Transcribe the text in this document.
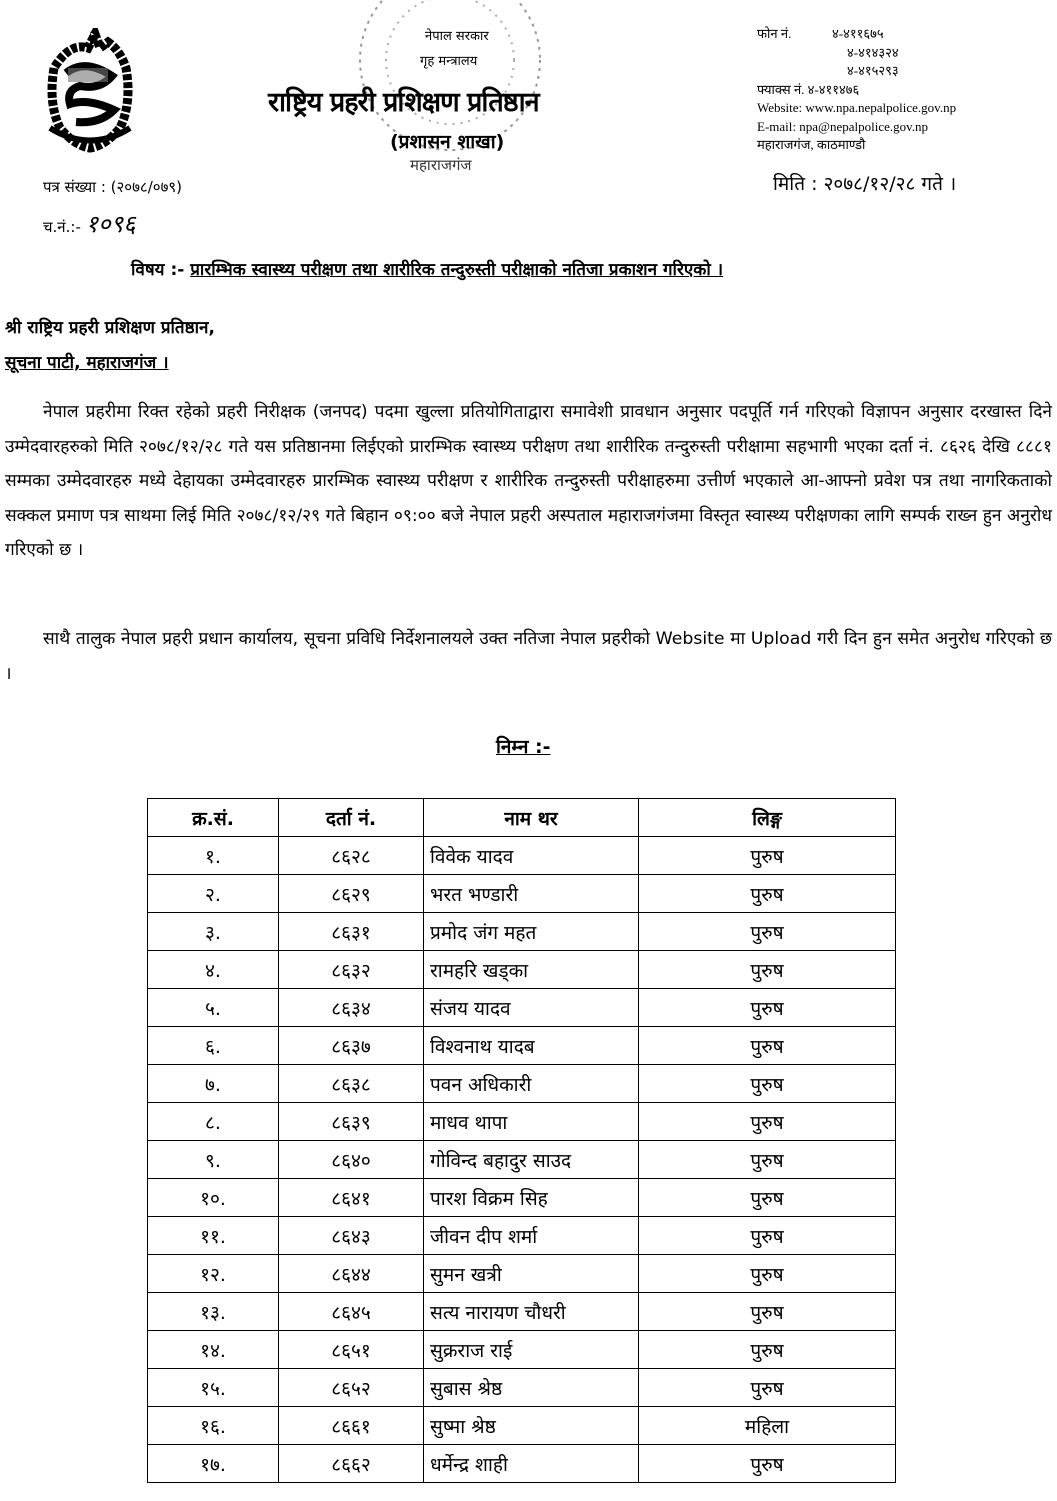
नेपाल सरकार
गृह मन्त्रालय
राष्ट्रिय प्रहरी प्रशिक्षण प्रतिष्ठान
(प्रशासन शाखा)
महाराजगंज
फोन नं.	४-४११६७५
४-४१४३२४
४-४१५२९३
फ्याक्स नं. ४-४११४७६
Website: www.npa.nepalpolice.gov.np
E-mail: npa@nepalpolice.gov.np
महाराजगंज, काठमाण्डौ
मिति : २०७८/१२/२८ गते ।
पत्र संख्या : (२०७८/०७९)
च.नं.:- १०९६
विषय :- प्रारम्भिक स्वास्थ्य परीक्षण तथा शारीरिक तन्दुरुस्ती परीक्षाको नतिजा प्रकाशन गरिएको ।
श्री राष्ट्रिय प्रहरी प्रशिक्षण प्रतिष्ठान,
सूचना पाटी, महाराजगंज ।
नेपाल प्रहरीमा रिक्त रहेको प्रहरी निरीक्षक (जनपद) पदमा खुल्ला प्रतियोगिताद्वारा समावेशी प्रावधान अनुसार पदपूर्ति गर्न गरिएको विज्ञापन अनुसार दरखास्त दिने उम्मेदवारहरुको मिति २०७८/१२/२८ गते यस प्रतिष्ठानमा लिईएको प्रारम्भिक स्वास्थ्य परीक्षण तथा शारीरिक तन्दुरुस्ती परीक्षामा सहभागी भएका दर्ता नं. ८६२६ देखि ८८८१ सम्मका उम्मेदवारहरु मध्ये देहायका उम्मेदवारहरु प्रारम्भिक स्वास्थ्य परीक्षण र शारीरिक तन्दुरुस्ती परीक्षाहरुमा उत्तीर्ण भएकाले आ-आफ्नो प्रवेश पत्र तथा नागरिकताको सक्कल प्रमाण पत्र साथमा लिई मिति २०७८/१२/२९ गते बिहान ०९:०० बजे नेपाल प्रहरी अस्पताल महाराजगंजमा विस्तृत स्वास्थ्य परीक्षणका लागि सम्पर्क राख्न हुन अनुरोध गरिएको छ ।
साथै तालुक नेपाल प्रहरी प्रधान कार्यालय, सूचना प्रविधि निर्देशनालयले उक्त नतिजा नेपाल प्रहरीको Website मा Upload गरी दिन हुन समेत अनुरोध गरिएको छ ।
निम्न :-
क्र.सं.	दर्ता नं.	नाम थर	लिङ्ग
१.	८६२८	विवेक यादव	पुरुष
२.	८६२९	भरत भण्डारी	पुरुष
३.	८६३१	प्रमोद जंग महत	पुरुष
४.	८६३२	रामहरि खड्का	पुरुष
५.	८६३४	संजय यादव	पुरुष
६.	८६३७	विश्वनाथ यादब	पुरुष
७.	८६३८	पवन अधिकारी	पुरुष
८.	८६३९	माधव थापा	पुरुष
९.	८६४०	गोविन्द बहादुर साउद	पुरुष
१०.	८६४१	पारश विक्रम सिह	पुरुष
११.	८६४३	जीवन दीप शर्मा	पुरुष
१२.	८६४४	सुमन खत्री	पुरुष
१३.	८६४५	सत्य नारायण चौधरी	पुरुष
१४.	८६५१	सुक्रराज राई	पुरुष
१५.	८६५२	सुबास श्रेष्ठ	पुरुष
१६.	८६६१	सुष्मा श्रेष्ठ	महिला
१७.	८६६२	धर्मेन्द्र शाही	पुरुष
